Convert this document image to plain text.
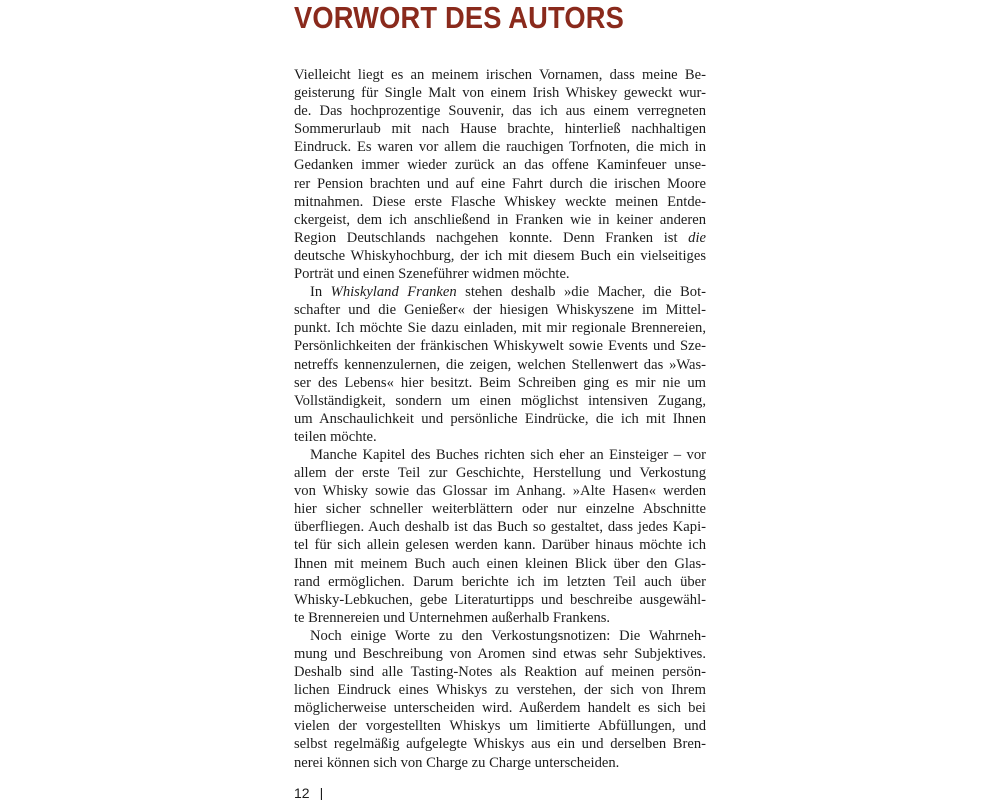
VORWORT DES AUTORS
Vielleicht liegt es an meinem irischen Vornamen, dass meine Be-
geisterung für Single Malt von einem Irish Whiskey geweckt wur-
de. Das hochprozentige Souvenir, das ich aus einem verregneten
Sommerurlaub mit nach Hause brachte, hinterließ nachhaltigen
Eindruck. Es waren vor allem die rauchigen Torfnoten, die mich in
Gedanken immer wieder zurück an das offene Kaminfeuer unse-
rer Pension brachten und auf eine Fahrt durch die irischen Moore
mitnahmen. Diese erste Flasche Whiskey weckte meinen Entde-
ckergeist, dem ich anschließend in Franken wie in keiner anderen
Region Deutschlands nachgehen konnte. Denn Franken ist die
deutsche Whiskyhochburg, der ich mit diesem Buch ein vielseitiges
Porträt und einen Szeneführer widmen möchte.
In Whiskyland Franken stehen deshalb »die Macher, die Bot-
schafter und die Genießer« der hiesigen Whiskyszene im Mittel-
punkt. Ich möchte Sie dazu einladen, mit mir regionale Brennereien,
Persönlichkeiten der fränkischen Whiskywelt sowie Events und Sze-
netreffs kennenzulernen, die zeigen, welchen Stellenwert das »Was-
ser des Lebens« hier besitzt. Beim Schreiben ging es mir nie um
Vollständigkeit, sondern um einen möglichst intensiven Zugang,
um Anschaulichkeit und persönliche Eindrücke, die ich mit Ihnen
teilen möchte.
Manche Kapitel des Buches richten sich eher an Einsteiger – vor
allem der erste Teil zur Geschichte, Herstellung und Verkostung
von Whisky sowie das Glossar im Anhang. »Alte Hasen« werden
hier sicher schneller weiterblättern oder nur einzelne Abschnitte
überfliegen. Auch deshalb ist das Buch so gestaltet, dass jedes Kapi-
tel für sich allein gelesen werden kann. Darüber hinaus möchte ich
Ihnen mit meinem Buch auch einen kleinen Blick über den Glas-
rand ermöglichen. Darum berichte ich im letzten Teil auch über
Whisky-Lebkuchen, gebe Literaturtipps und beschreibe ausgewähl-
te Brennereien und Unternehmen außerhalb Frankens.
Noch einige Worte zu den Verkostungsnotizen: Die Wahrneh-
mung und Beschreibung von Aromen sind etwas sehr Subjektives.
Deshalb sind alle Tasting-Notes als Reaktion auf meinen persön-
lichen Eindruck eines Whiskys zu verstehen, der sich von Ihrem
möglicherweise unterscheiden wird. Außerdem handelt es sich bei
vielen der vorgestellten Whiskys um limitierte Abfüllungen, und
selbst regelmäßig aufgelegte Whiskys aus ein und derselben Bren-
nerei können sich von Charge zu Charge unterscheiden.
12 |
